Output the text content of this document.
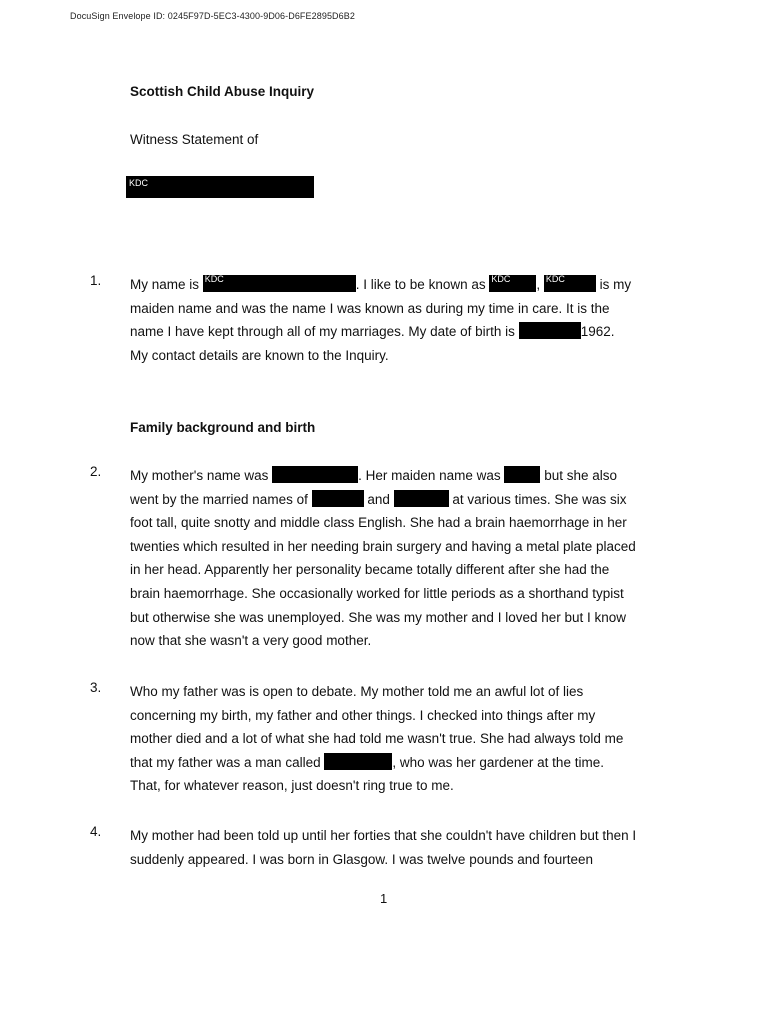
DocuSign Envelope ID: 0245F97D-5EC3-4300-9D06-D6FE2895D6B2
Scottish Child Abuse Inquiry
Witness Statement of
KDC
1. My name is KDC	. I like to be known as KDC , KDC is my
maiden name and was the name I was known as during my time in care. It is the
name I have kept through all of my marriages. My date of birth is	1962.
My contact details are known to the Inquiry.
Family background and birth
2. My mother's name was	. Her maiden name was	but she also
went by the married names of	and	at various times. She was six
foot tall, quite snotty and middle class English. She had a brain haemorrhage in her
twenties which resulted in her needing brain surgery and having a metal plate placed
in her head. Apparently her personality became totally different after she had the
brain haemorrhage. She occasionally worked for little periods as a shorthand typist
but otherwise she was unemployed. She was my mother and I loved her but I know
now that she wasn't a very good mother.
3. Who my father was is open to debate. My mother told me an awful lot of lies
concerning my birth, my father and other things. I checked into things after my
mother died and a lot of what she had told me wasn't true. She had always told me
that my father was a man called	, who was her gardener at the time.
That, for whatever reason, just doesn't ring true to me.
4. My mother had been told up until her forties that she couldn't have children but then I
suddenly appeared. I was born in Glasgow. I was twelve pounds and fourteen
1
